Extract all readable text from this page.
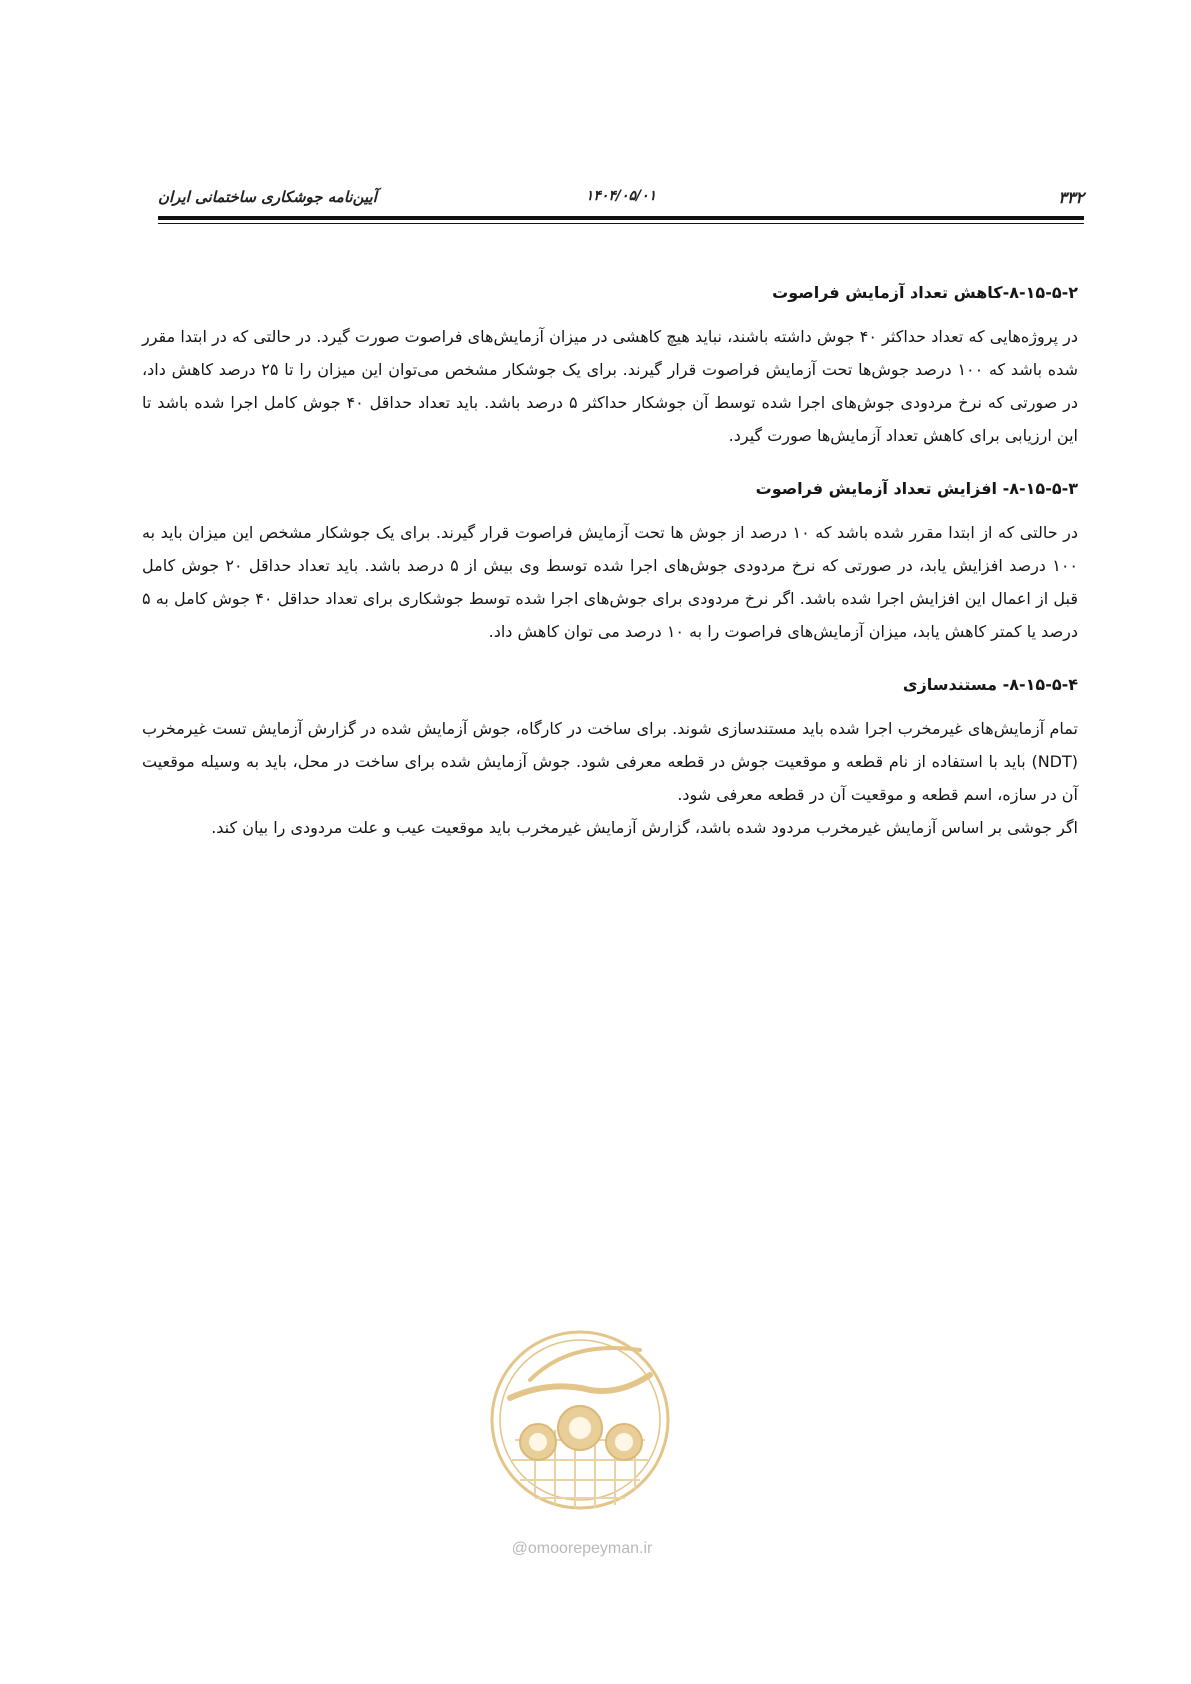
۳۳۲
۱۴۰۴/۰۵/۰۱
آیین‌نامه جوشکاری ساختمانی ایران
۸-۱۵-۵-۲-کاهش تعداد آزمایش فراصوت

در پروژه‌هایی که تعداد حداکثر ۴۰ جوش داشته باشند، نباید هیچ کاهشی در میزان آزمایش‌های فراصوت صورت گیرد. در حالتی که در ابتدا مقرر شده باشد که ۱۰۰ درصد جوش‌ها تحت آزمایش فراصوت قرار گیرند. برای یک جوشکار مشخص می‌توان این میزان را تا ۲۵ درصد کاهش داد، در صورتی که نرخ مردودی جوش‌های اجرا شده توسط آن جوشکار حداکثر ۵ درصد باشد. باید تعداد حداقل ۴۰ جوش کامل اجرا شده باشد تا این ارزیابی برای کاهش تعداد آزمایش‌ها صورت گیرد.

۸-۱۵-۵-۳- افزایش تعداد آزمایش فراصوت

در حالتی که از ابتدا مقرر شده باشد که ۱۰ درصد از جوش ها تحت آزمایش فراصوت قرار گیرند. برای یک جوشکار مشخص این میزان باید به ۱۰۰ درصد افزایش یابد، در صورتی که نرخ مردودی جوش‌های اجرا شده توسط وی بیش از ۵ درصد باشد. باید تعداد حداقل ۲۰ جوش کامل قبل از اعمال این افزایش اجرا شده باشد. اگر نرخ مردودی برای جوش‌های اجرا شده توسط جوشکاری برای تعداد حداقل ۴۰ جوش کامل به ۵ درصد یا کمتر کاهش یابد، میزان آزمایش‌های فراصوت را به ۱۰ درصد می توان کاهش داد.

۸-۱۵-۵-۴- مستندسازی

تمام آزمایش‌های غیرمخرب اجرا شده باید مستندسازی شوند. برای ساخت در کارگاه، جوش آزمایش شده در گزارش آزمایش تست غیرمخرب (NDT) باید با استفاده از نام قطعه و موقعیت جوش در قطعه معرفی شود. جوش آزمایش شده برای ساخت در محل، باید به وسیله موقعیت آن در سازه، اسم قطعه و موقعیت آن در قطعه معرفی شود.

اگر جوشی بر اساس آزمایش غیرمخرب مردود شده باشد، گزارش آزمایش غیرمخرب باید موقعیت عیب و علت مردودی را بیان کند.

@omoorepeyman.ir
